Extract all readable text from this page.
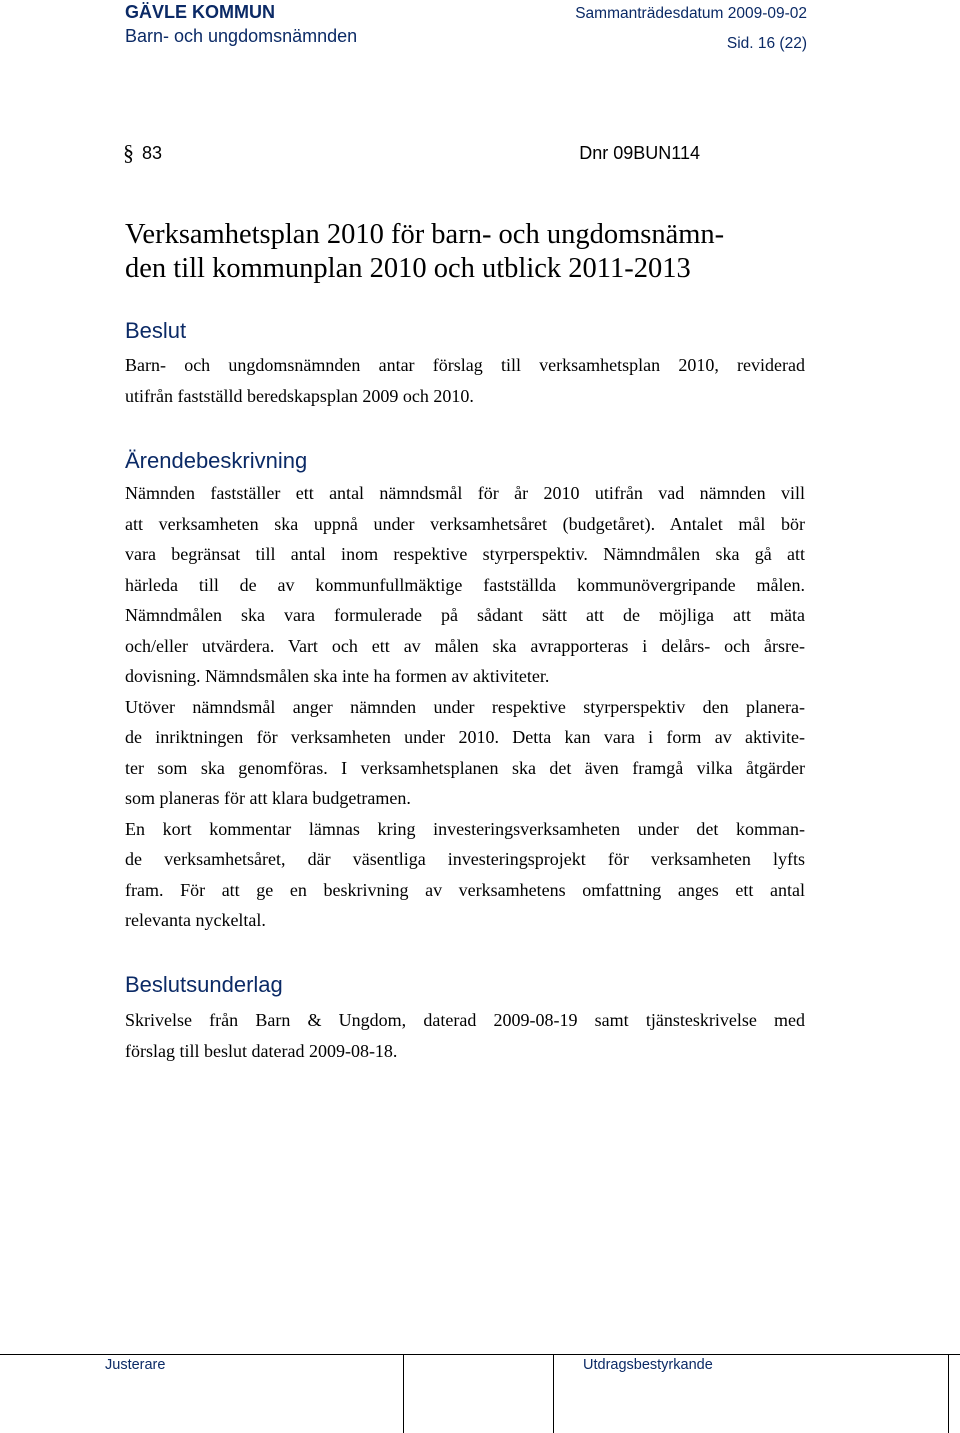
GÄVLE KOMMUN
Barn- och ungdomsnämnden
Sammanträdesdatum 2009-09-02
Sid. 16 (22)
§ 83	Dnr 09BUN114
Verksamhetsplan 2010 för barn- och ungdomsnämn-
den till kommunplan 2010 och utblick 2011-2013
Beslut
Barn- och ungdomsnämnden antar förslag till verksamhetsplan 2010, reviderad
utifrån fastställd beredskapsplan 2009 och 2010.
Ärendebeskrivning
Nämnden fastställer ett antal nämndsmål för år 2010 utifrån vad nämnden vill
att verksamheten ska uppnå under verksamhetsåret (budgetåret). Antalet mål bör
vara begränsat till antal inom respektive styrperspektiv. Nämndmålen ska gå att
härleda till de av kommunfullmäktige fastställda kommunövergripande målen.
Nämndmålen ska vara formulerade på sådant sätt att de möjliga att mäta
och/eller utvärdera. Vart och ett av målen ska avrapporteras i delårs- och årsre-
dovisning. Nämndsmålen ska inte ha formen av aktiviteter.
Utöver nämndsmål anger nämnden under respektive styrperspektiv den planera-
de inriktningen för verksamheten under 2010. Detta kan vara i form av aktivite-
ter som ska genomföras. I verksamhetsplanen ska det även framgå vilka åtgärder
som planeras för att klara budgetramen.
En kort kommentar lämnas kring investeringsverksamheten under det komman-
de verksamhetsåret, där väsentliga investeringsprojekt för verksamheten lyfts
fram. För att ge en beskrivning av verksamhetens omfattning anges ett antal
relevanta nyckeltal.
Beslutsunderlag
Skrivelse från Barn & Ungdom, daterad 2009-08-19 samt tjänsteskrivelse med
förslag till beslut daterad 2009-08-18.
Justerare	Utdragsbestyrkande
